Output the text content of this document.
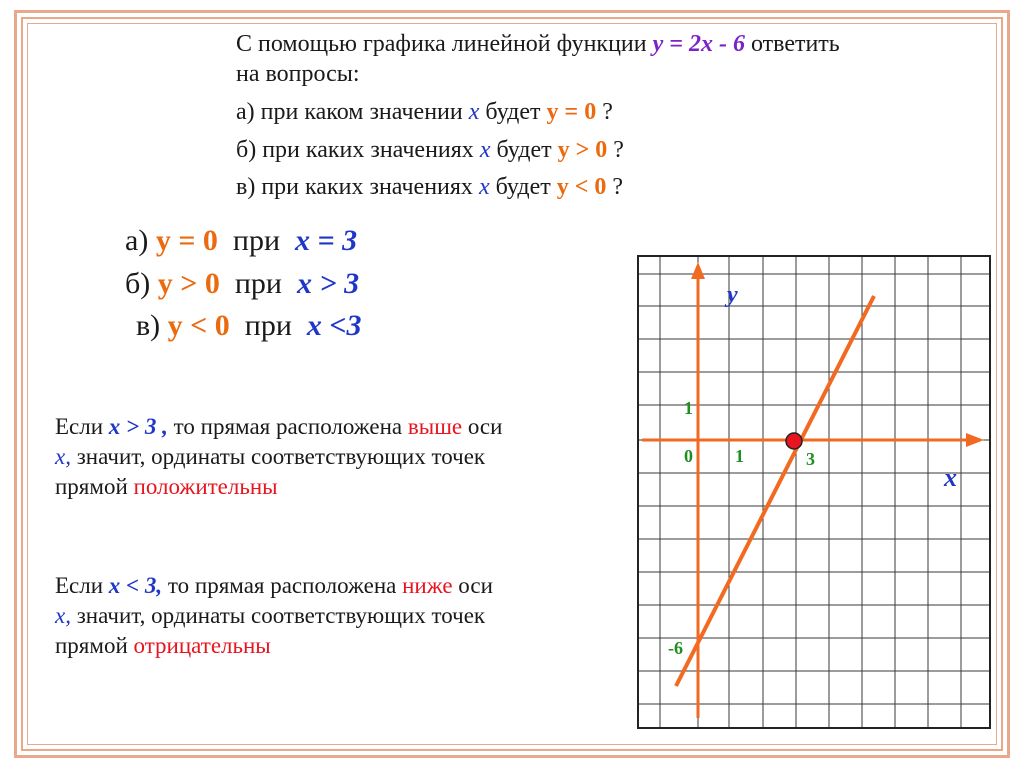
С помощью графика линейной функции y = 2x - 6 ответить
на вопросы:
а) при каком значении x будет y = 0 ?
б) при каких значениях x будет y > 0 ?
в) при каких значениях x будет y < 0 ?
а) y = 0 при x = 3
б) y > 0 при x > 3
в) y < 0 при x <3
Если x > 3 , то прямая расположена выше оси
x, значит, ординаты соответствующих точек
прямой положительны
Если x < 3, то прямая расположена ниже оси
x, значит, ординаты соответствующих точек
прямой отрицательны
y
x
1
0 1	3
-6
